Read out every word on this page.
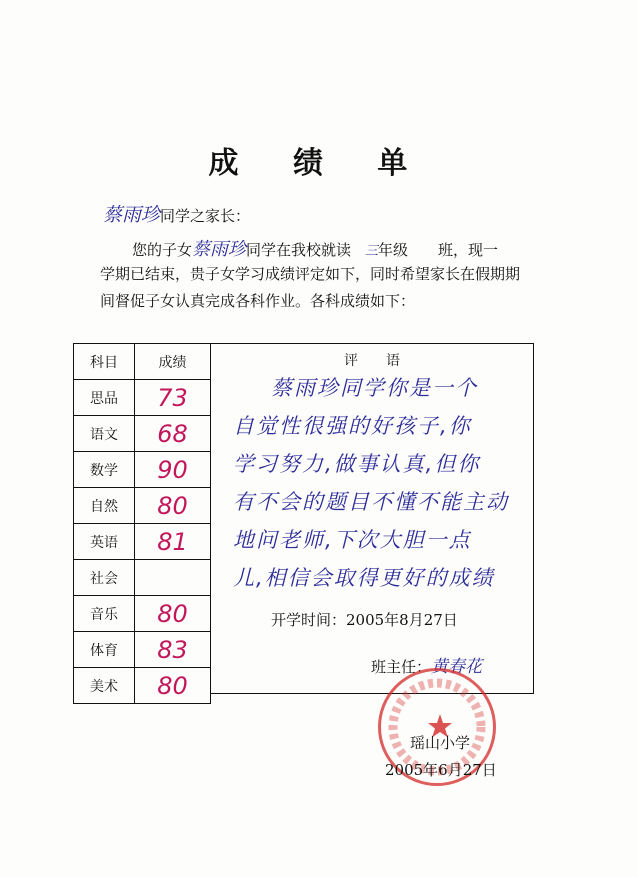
成 绩 单
蔡雨珍同学之家长：
您的子女蔡雨珍同学在我校就读 三年级　　班，现一
学期已结束，贵子女学习成绩评定如下，同时希望家长在假期期
间督促子女认真完成各科作业。各科成绩如下：
科目	成绩
思品	73
语文	68
数学	90
自然	80
英语	81
社会	
音乐	80
体育	83
美术	80
评　　语
蔡雨珍同学你是一个
自觉性很强的好孩子,你
学习努力,做事认真,但你
有不会的题目不懂不能主动
地问老师,下次大胆一点
儿,相信会取得更好的成绩
开学时间：2005年8月27日
班主任：黄春花
瑶山小学
2005年6月27日
